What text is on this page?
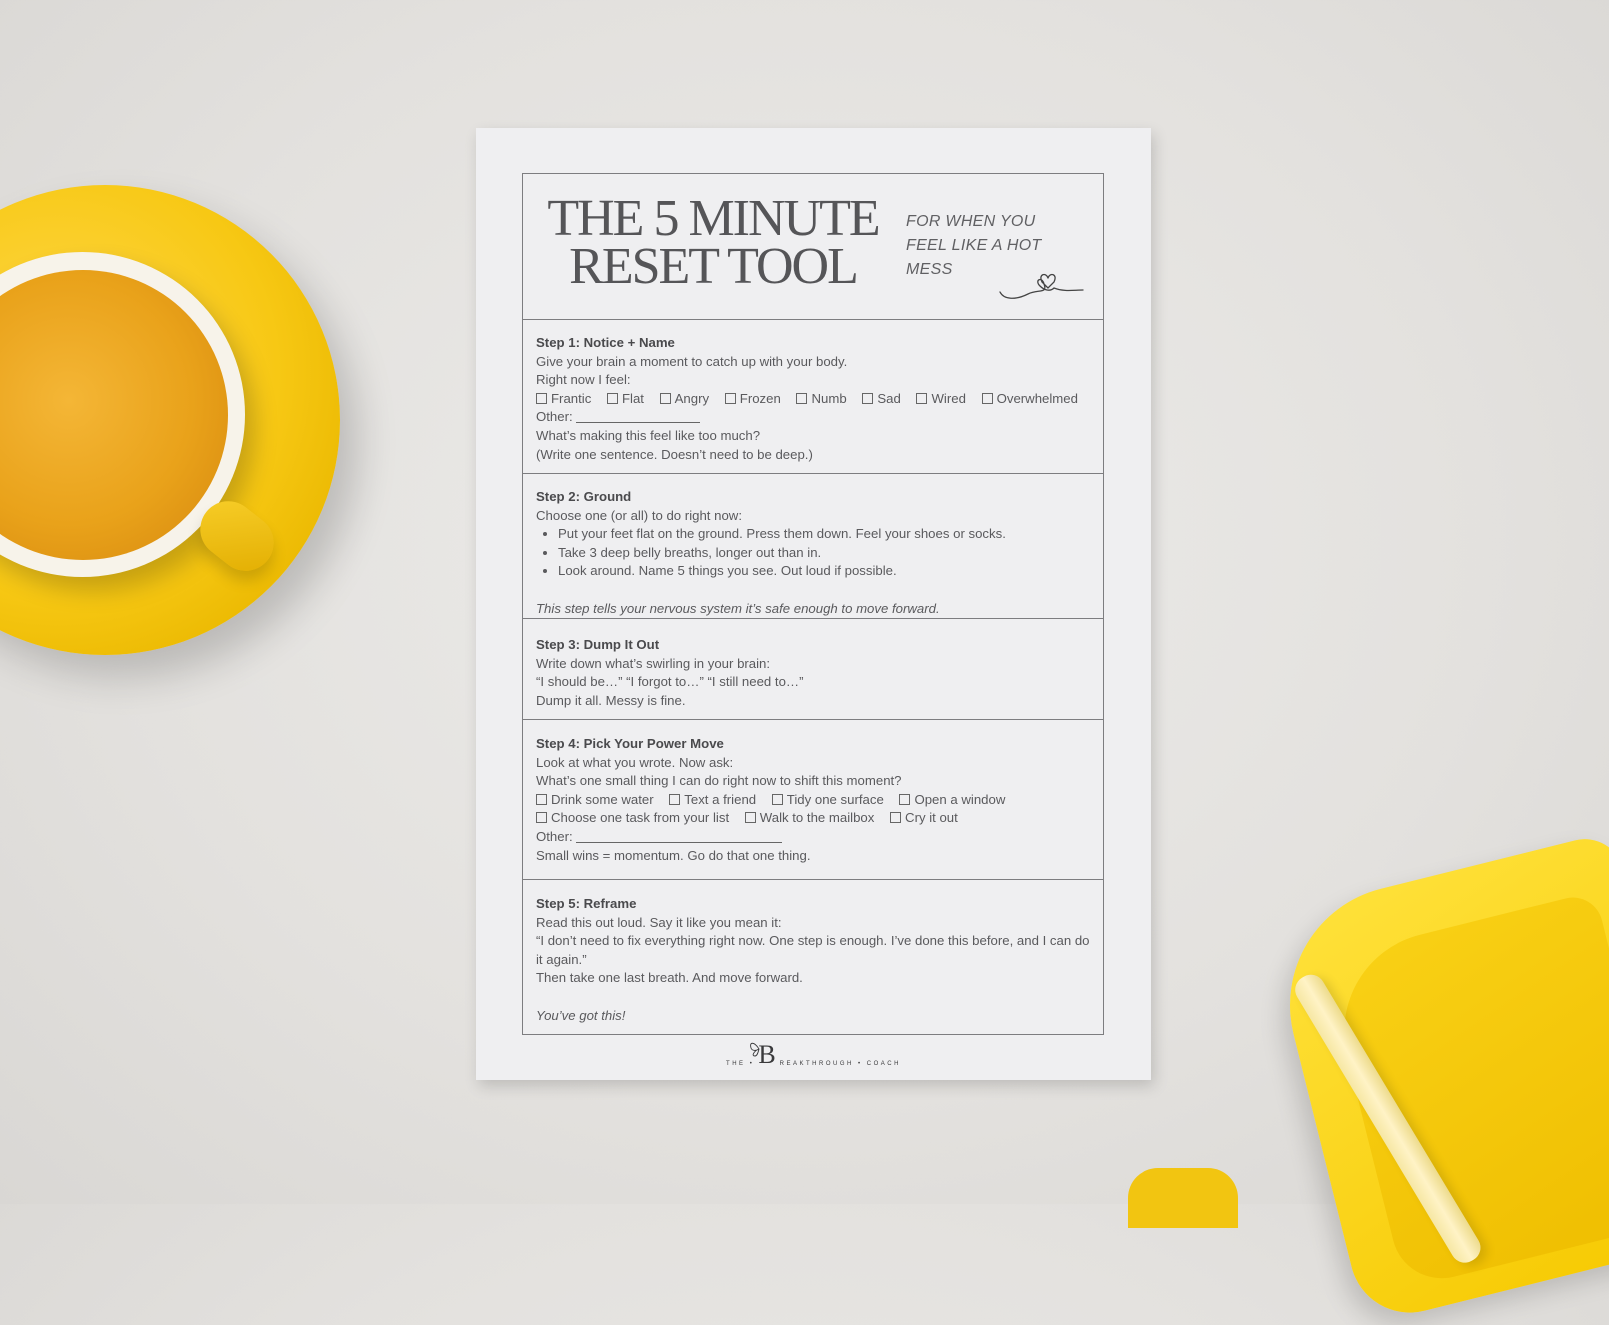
THE 5 MINUTE
RESET TOOL
FOR WHEN YOU
FEEL LIKE A HOT
MESS
Step 1: Notice + Name
Give your brain a moment to catch up with your body.
Right now I feel:
Frantic Flat Angry Frozen Numb Sad Wired Overwhelmed
Other:
What’s making this feel like too much?
(Write one sentence. Doesn’t need to be deep.)
Step 2: Ground
Choose one (or all) to do right now:
• Put your feet flat on the ground. Press them down. Feel your shoes or socks.
• Take 3 deep belly breaths, longer out than in.
• Look around. Name 5 things you see. Out loud if possible.
This step tells your nervous system it’s safe enough to move forward.
Step 3: Dump It Out
Write down what’s swirling in your brain:
“I should be…” “I forgot to…” “I still need to…”
Dump it all. Messy is fine.
Step 4: Pick Your Power Move
Look at what you wrote. Now ask:
What’s one small thing I can do right now to shift this moment?
Drink some water Text a friend Tidy one surface Open a window
Choose one task from your list Walk to the mailbox Cry it out
Other:
Small wins = momentum. Go do that one thing.
Step 5: Reframe
Read this out loud. Say it like you mean it:
“I don’t need to fix everything right now. One step is enough. I’ve done this before, and I can do it again.”
Then take one last breath. And move forward.
You’ve got this!
THE • B REAKTHROUGH • COACH
